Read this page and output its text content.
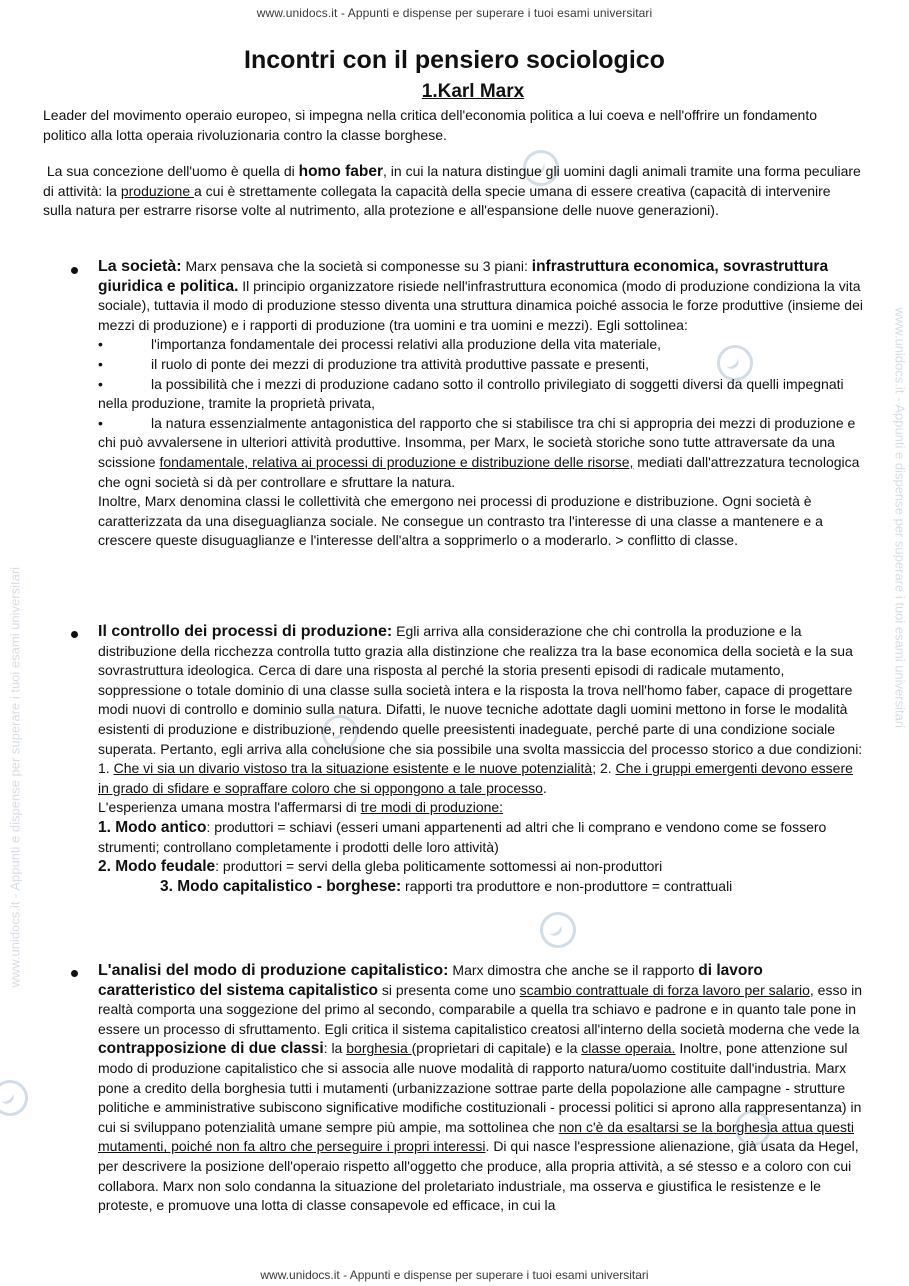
www.unidocs.it - Appunti e dispense per superare i tuoi esami universitari
www.unidocs.it - Appunti e dispense per superare i tuoi esami universitari
www.unidocs.it - Appunti e dispense per superare i tuoi esami universitari
Incontri con il pensiero sociologico
1.Karl Marx
Leader del movimento operaio europeo, si impegna nella critica dell'economia politica a lui coeva e nell'offrire un fondamento politico alla lotta operaia rivoluzionaria contro la classe borghese.
La sua concezione dell'uomo è quella di homo faber, in cui la natura distingue gli uomini dagli animali tramite una forma peculiare di attività: la produzione a cui è strettamente collegata la capacità della specie umana di essere creativa (capacità di intervenire sulla natura per estrarre risorse volte al nutrimento, alla protezione e all'espansione delle nuove generazioni).
La società: Marx pensava che la società si componesse su 3 piani: infrastruttura economica, sovrastruttura giuridica e politica. Il principio organizzatore risiede nell'infrastruttura economica (modo di produzione condiziona la vita sociale), tuttavia il modo di produzione stesso diventa una struttura dinamica poiché associa le forze produttive (insieme dei mezzi di produzione) e i rapporti di produzione (tra uomini e tra uomini e mezzi). Egli sottolinea:
•	l'importanza fondamentale dei processi relativi alla produzione della vita materiale,
•	il ruolo di ponte dei mezzi di produzione tra attività produttive passate e presenti,
•	la possibilità che i mezzi di produzione cadano sotto il controllo privilegiato di soggetti diversi da quelli impegnati nella produzione, tramite la proprietà privata,
•	la natura essenzialmente antagonistica del rapporto che si stabilisce tra chi si appropria dei mezzi di produzione e chi può avvalersene in ulteriori attività produttive. Insomma, per Marx, le società storiche sono tutte attraversate da una scissione fondamentale, relativa ai processi di produzione e distribuzione delle risorse, mediati dall'attrezzatura tecnologica che ogni società si dà per controllare e sfruttare la natura.
Inoltre, Marx denomina classi le collettività che emergono nei processi di produzione e distribuzione. Ogni società è caratterizzata da una diseguaglianza sociale. Ne consegue un contrasto tra l'interesse di una classe a mantenere e a crescere queste disuguaglianze e l'interesse dell'altra a sopprimerlo o a moderarlo. > conflitto di classe.
Il controllo dei processi di produzione: Egli arriva alla considerazione che chi controlla la produzione e la distribuzione della ricchezza controlla tutto grazia alla distinzione che realizza tra la base economica della società e la sua sovrastruttura ideologica. Cerca di dare una risposta al perché la storia presenti episodi di radicale mutamento, soppressione o totale dominio di una classe sulla società intera e la risposta la trova nell'homo faber, capace di progettare modi nuovi di controllo e dominio sulla natura. Difatti, le nuove tecniche adottate dagli uomini mettono in forse le modalità esistenti di produzione e distribuzione, rendendo quelle preesistenti inadeguate, perché parte di una condizione sociale superata. Pertanto, egli arriva alla conclusione che sia possibile una svolta massiccia del processo storico a due condizioni:
1. Che vi sia un divario vistoso tra la situazione esistente e le nuove potenzialità; 2. Che i gruppi emergenti devono essere in grado di sfidare e sopraffare coloro che si oppongono a tale processo.
L'esperienza umana mostra l'affermarsi di tre modi di produzione:
1. Modo antico: produttori = schiavi (esseri umani appartenenti ad altri che li comprano e vendono come se fossero strumenti; controllano completamente i prodotti delle loro attività)
2. Modo feudale: produttori = servi della gleba politicamente sottomessi ai non-produttori
3. Modo capitalistico - borghese: rapporti tra produttore e non-produttore = contrattuali
L'analisi del modo di produzione capitalistico: Marx dimostra che anche se il rapporto di lavoro caratteristico del sistema capitalistico si presenta come uno scambio contrattuale di forza lavoro per salario, esso in realtà comporta una soggezione del primo al secondo, comparabile a quella tra schiavo e padrone e in quanto tale pone in essere un processo di sfruttamento. Egli critica il sistema capitalistico creatosi all'interno della società moderna che vede la contrapposizione di due classi: la borghesia (proprietari di capitale) e la classe operaia. Inoltre, pone attenzione sul modo di produzione capitalistico che si associa alle nuove modalità di rapporto natura/uomo costituite dall'industria. Marx pone a credito della borghesia tutti i mutamenti (urbanizzazione sottrae parte della popolazione alle campagne - strutture politiche e amministrative subiscono significative modifiche costituzionali - processi politici si aprono alla rappresentanza) in cui si sviluppano potenzialità umane sempre più ampie, ma sottolinea che non c'è da esaltarsi se la borghesia attua questi mutamenti, poiché non fa altro che perseguire i propri interessi. Di qui nasce l'espressione alienazione, già usata da Hegel, per descrivere la posizione dell'operaio rispetto all'oggetto che produce, alla propria attività, a sé stesso e a coloro con cui collabora. Marx non solo condanna la situazione del proletariato industriale, ma osserva e giustifica le resistenze e le proteste, e promuove una lotta di classe consapevole ed efficace, in cui la
www.unidocs.it - Appunti e dispense per superare i tuoi esami universitari
